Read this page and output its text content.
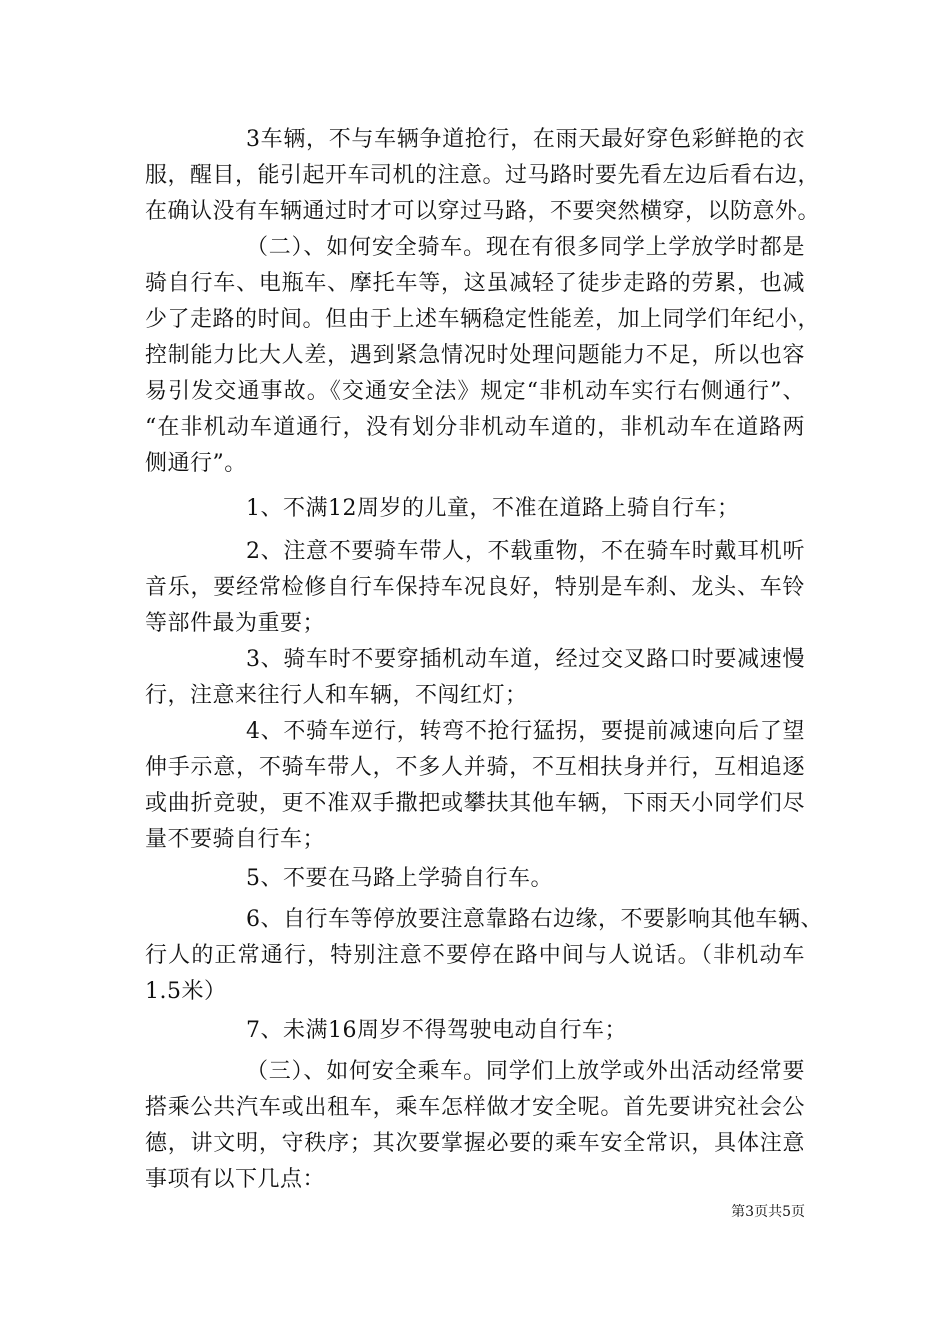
3车辆，不与车辆争道抢行，在雨天最好穿色彩鲜艳的衣
服，醒目，能引起开车司机的注意。过马路时要先看左边后看右边，
在确认没有车辆通过时才可以穿过马路，不要突然横穿，以防意外。
（二）、如何安全骑车。现在有很多同学上学放学时都是
骑自行车、电瓶车、摩托车等，这虽减轻了徒步走路的劳累，也减
少了走路的时间。但由于上述车辆稳定性能差，加上同学们年纪小，
控制能力比大人差，遇到紧急情况时处理问题能力不足，所以也容
易引发交通事故。《交通安全法》规定“非机动车实行右侧通行”、
“在非机动车道通行，没有划分非机动车道的，非机动车在道路两
侧通行”。
1、不满12周岁的儿童，不准在道路上骑自行车；
2、注意不要骑车带人，不载重物，不在骑车时戴耳机听
音乐，要经常检修自行车保持车况良好，特别是车刹、龙头、车铃
等部件最为重要；
3、骑车时不要穿插机动车道，经过交叉路口时要减速慢
行，注意来往行人和车辆，不闯红灯；
4、不骑车逆行，转弯不抢行猛拐，要提前减速向后了望
伸手示意，不骑车带人，不多人并骑，不互相扶身并行，互相追逐
或曲折竞驶，更不准双手撒把或攀扶其他车辆，下雨天小同学们尽
量不要骑自行车；
5、不要在马路上学骑自行车。
6、自行车等停放要注意靠路右边缘，不要影响其他车辆、
行人的正常通行，特别注意不要停在路中间与人说话。（非机动车
1.5米）
7、未满16周岁不得驾驶电动自行车；
（三）、如何安全乘车。同学们上放学或外出活动经常要
搭乘公共汽车或出租车，乘车怎样做才安全呢。首先要讲究社会公
德，讲文明，守秩序；其次要掌握必要的乘车安全常识，具体注意
事项有以下几点：
第3页共5页
